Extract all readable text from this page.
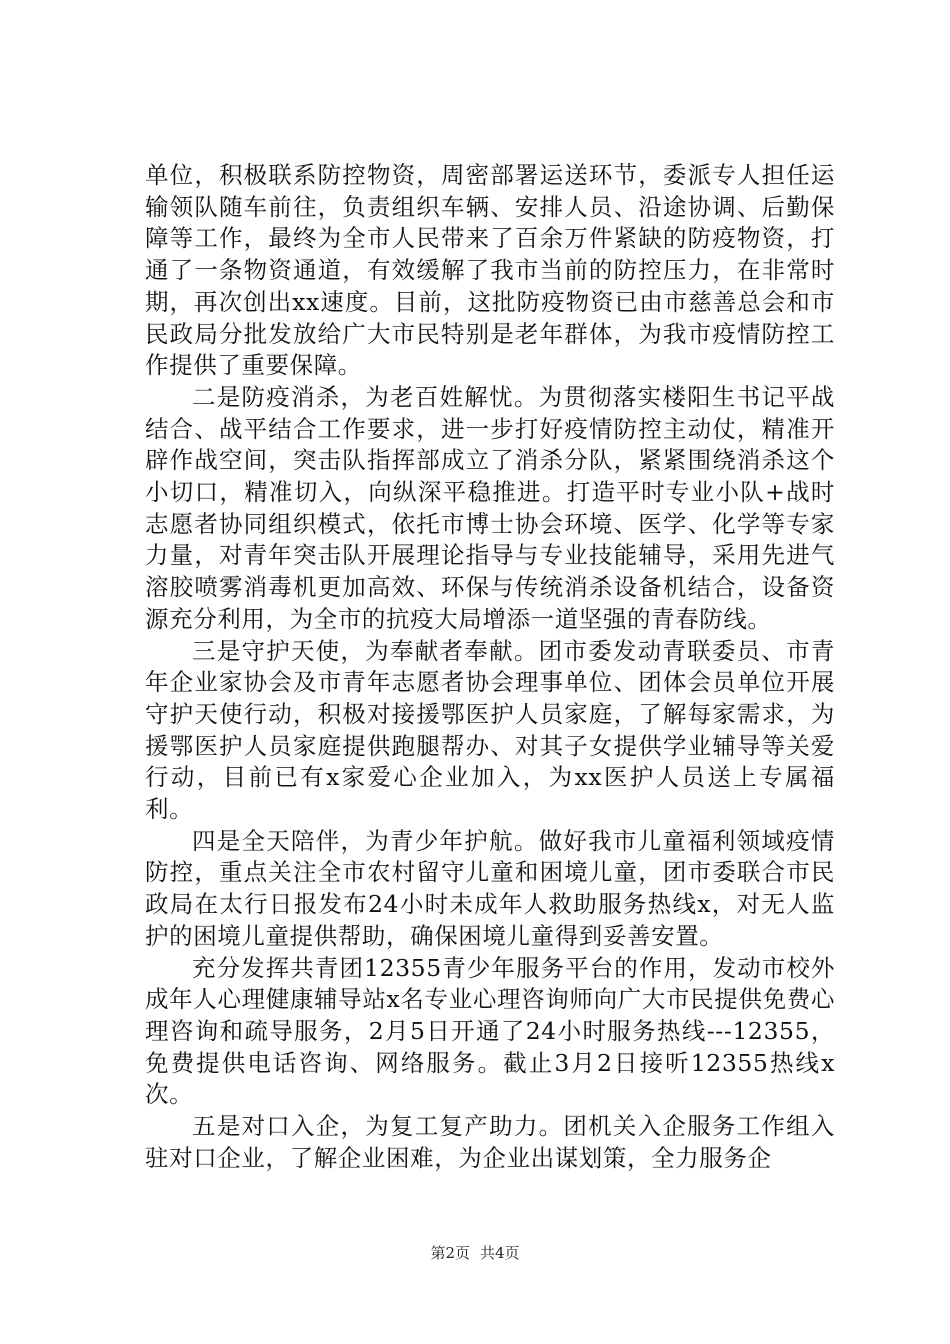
单位，积极联系防控物资，周密部署运送环节，委派专人担任运输领队随车前往，负责组织车辆、安排人员、沿途协调、后勤保障等工作，最终为全市人民带来了百余万件紧缺的防疫物资，打通了一条物资通道，有效缓解了我市当前的防控压力，在非常时期，再次创出xx速度。目前，这批防疫物资已由市慈善总会和市民政局分批发放给广大市民特别是老年群体，为我市疫情防控工作提供了重要保障。

二是防疫消杀，为老百姓解忧。为贯彻落实楼阳生书记平战结合、战平结合工作要求，进一步打好疫情防控主动仗，精准开辟作战空间，突击队指挥部成立了消杀分队，紧紧围绕消杀这个小切口，精准切入，向纵深平稳推进。打造平时专业小队+战时志愿者协同组织模式，依托市博士协会环境、医学、化学等专家力量，对青年突击队开展理论指导与专业技能辅导，采用先进气溶胶喷雾消毒机更加高效、环保与传统消杀设备机结合，设备资源充分利用，为全市的抗疫大局增添一道坚强的青春防线。

三是守护天使，为奉献者奉献。团市委发动青联委员、市青年企业家协会及市青年志愿者协会理事单位、团体会员单位开展守护天使行动，积极对接援鄂医护人员家庭，了解每家需求，为援鄂医护人员家庭提供跑腿帮办、对其子女提供学业辅导等关爱行动，目前已有x家爱心企业加入，为xx医护人员送上专属福利。

四是全天陪伴，为青少年护航。做好我市儿童福利领域疫情防控，重点关注全市农村留守儿童和困境儿童，团市委联合市民政局在太行日报发布24小时未成年人救助服务热线x，对无人监护的困境儿童提供帮助，确保困境儿童得到妥善安置。

充分发挥共青团12355青少年服务平台的作用，发动市校外成年人心理健康辅导站x名专业心理咨询师向广大市民提供免费心理咨询和疏导服务，2月5日开通了24小时服务热线---12355，免费提供电话咨询、网络服务。截止3月2日接听12355热线x次。

五是对口入企，为复工复产助力。团机关入企服务工作组入驻对口企业，了解企业困难，为企业出谋划策，全力服务企

第2页 共4页
